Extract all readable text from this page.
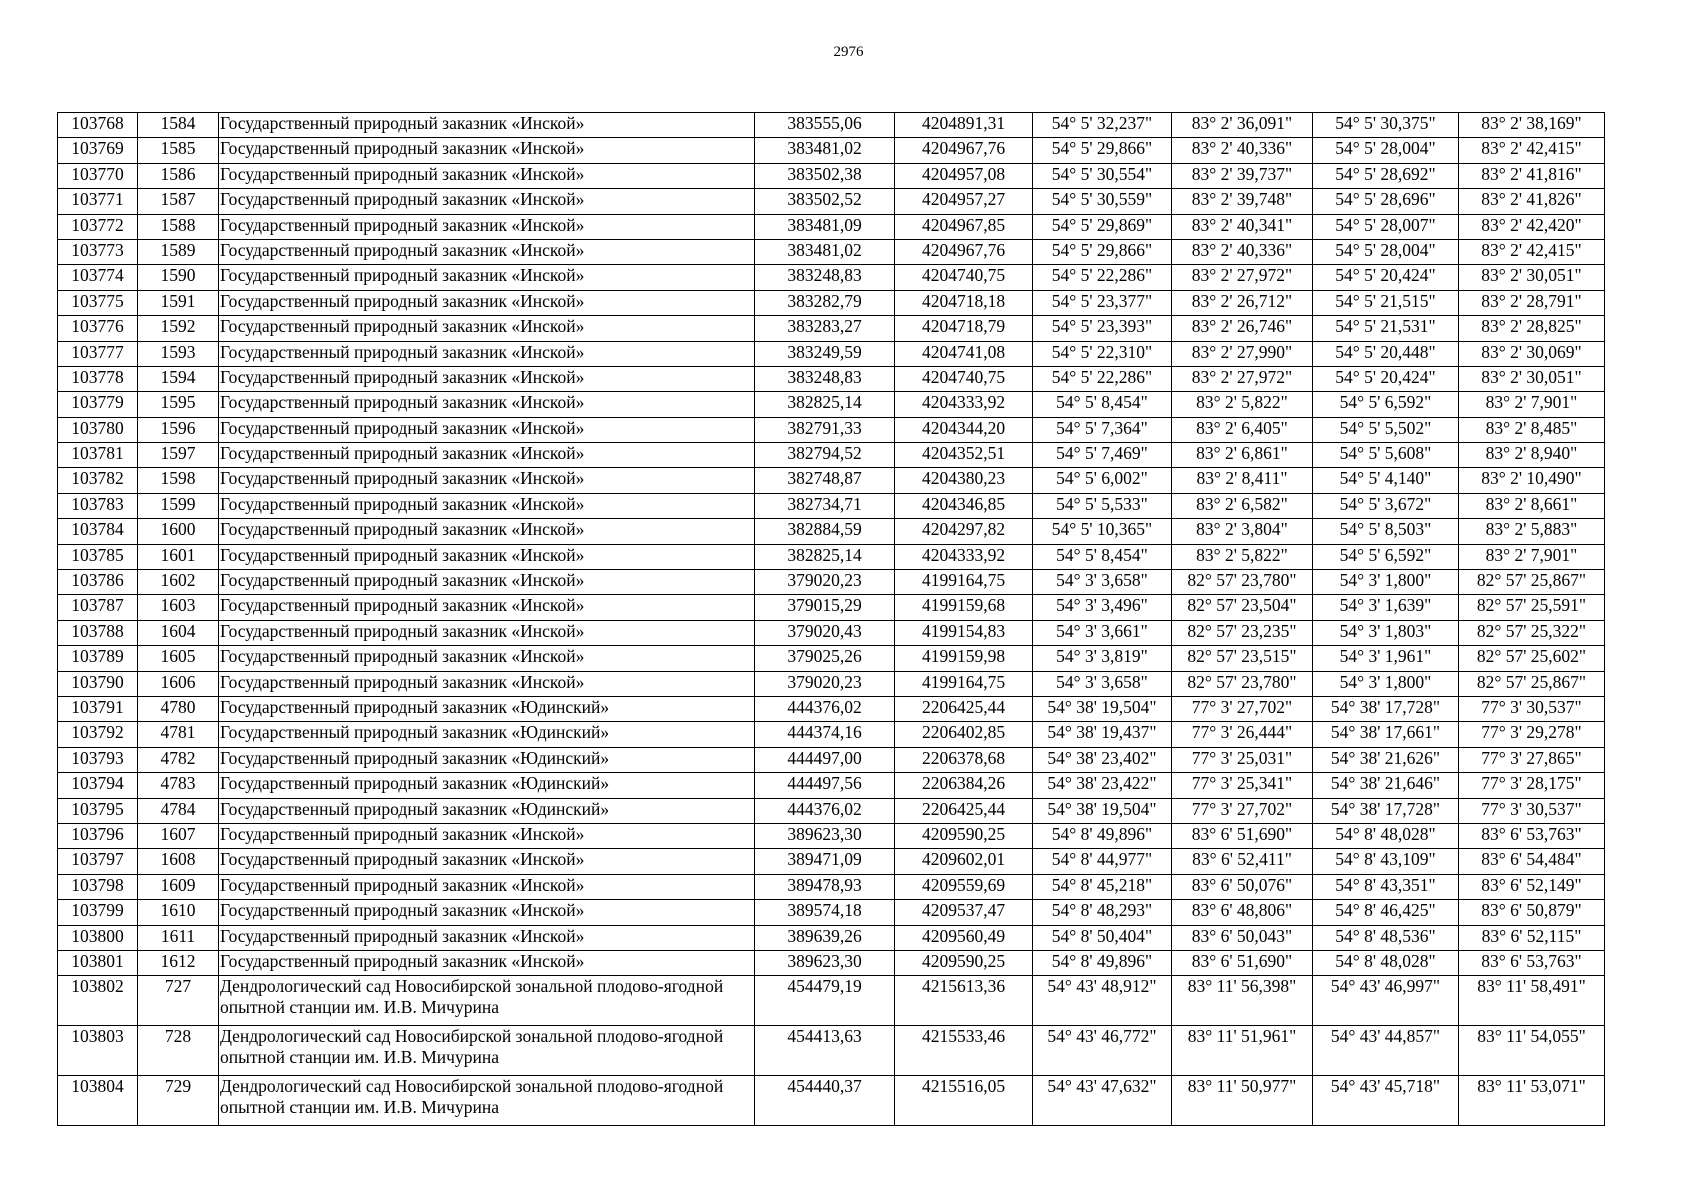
2976
103768	1584	Государственный природный заказник «Инской»	383555,06	4204891,31	54° 5' 32,237"	83° 2' 36,091"	54° 5' 30,375"	83° 2' 38,169"
103769	1585	Государственный природный заказник «Инской»	383481,02	4204967,76	54° 5' 29,866"	83° 2' 40,336"	54° 5' 28,004"	83° 2' 42,415"
103770	1586	Государственный природный заказник «Инской»	383502,38	4204957,08	54° 5' 30,554"	83° 2' 39,737"	54° 5' 28,692"	83° 2' 41,816"
103771	1587	Государственный природный заказник «Инской»	383502,52	4204957,27	54° 5' 30,559"	83° 2' 39,748"	54° 5' 28,696"	83° 2' 41,826"
103772	1588	Государственный природный заказник «Инской»	383481,09	4204967,85	54° 5' 29,869"	83° 2' 40,341"	54° 5' 28,007"	83° 2' 42,420"
103773	1589	Государственный природный заказник «Инской»	383481,02	4204967,76	54° 5' 29,866"	83° 2' 40,336"	54° 5' 28,004"	83° 2' 42,415"
103774	1590	Государственный природный заказник «Инской»	383248,83	4204740,75	54° 5' 22,286"	83° 2' 27,972"	54° 5' 20,424"	83° 2' 30,051"
103775	1591	Государственный природный заказник «Инской»	383282,79	4204718,18	54° 5' 23,377"	83° 2' 26,712"	54° 5' 21,515"	83° 2' 28,791"
103776	1592	Государственный природный заказник «Инской»	383283,27	4204718,79	54° 5' 23,393"	83° 2' 26,746"	54° 5' 21,531"	83° 2' 28,825"
103777	1593	Государственный природный заказник «Инской»	383249,59	4204741,08	54° 5' 22,310"	83° 2' 27,990"	54° 5' 20,448"	83° 2' 30,069"
103778	1594	Государственный природный заказник «Инской»	383248,83	4204740,75	54° 5' 22,286"	83° 2' 27,972"	54° 5' 20,424"	83° 2' 30,051"
103779	1595	Государственный природный заказник «Инской»	382825,14	4204333,92	54° 5' 8,454"	83° 2' 5,822"	54° 5' 6,592"	83° 2' 7,901"
103780	1596	Государственный природный заказник «Инской»	382791,33	4204344,20	54° 5' 7,364"	83° 2' 6,405"	54° 5' 5,502"	83° 2' 8,485"
103781	1597	Государственный природный заказник «Инской»	382794,52	4204352,51	54° 5' 7,469"	83° 2' 6,861"	54° 5' 5,608"	83° 2' 8,940"
103782	1598	Государственный природный заказник «Инской»	382748,87	4204380,23	54° 5' 6,002"	83° 2' 8,411"	54° 5' 4,140"	83° 2' 10,490"
103783	1599	Государственный природный заказник «Инской»	382734,71	4204346,85	54° 5' 5,533"	83° 2' 6,582"	54° 5' 3,672"	83° 2' 8,661"
103784	1600	Государственный природный заказник «Инской»	382884,59	4204297,82	54° 5' 10,365"	83° 2' 3,804"	54° 5' 8,503"	83° 2' 5,883"
103785	1601	Государственный природный заказник «Инской»	382825,14	4204333,92	54° 5' 8,454"	83° 2' 5,822"	54° 5' 6,592"	83° 2' 7,901"
103786	1602	Государственный природный заказник «Инской»	379020,23	4199164,75	54° 3' 3,658"	82° 57' 23,780"	54° 3' 1,800"	82° 57' 25,867"
103787	1603	Государственный природный заказник «Инской»	379015,29	4199159,68	54° 3' 3,496"	82° 57' 23,504"	54° 3' 1,639"	82° 57' 25,591"
103788	1604	Государственный природный заказник «Инской»	379020,43	4199154,83	54° 3' 3,661"	82° 57' 23,235"	54° 3' 1,803"	82° 57' 25,322"
103789	1605	Государственный природный заказник «Инской»	379025,26	4199159,98	54° 3' 3,819"	82° 57' 23,515"	54° 3' 1,961"	82° 57' 25,602"
103790	1606	Государственный природный заказник «Инской»	379020,23	4199164,75	54° 3' 3,658"	82° 57' 23,780"	54° 3' 1,800"	82° 57' 25,867"
103791	4780	Государственный природный заказник «Юдинский»	444376,02	2206425,44	54° 38' 19,504"	77° 3' 27,702"	54° 38' 17,728"	77° 3' 30,537"
103792	4781	Государственный природный заказник «Юдинский»	444374,16	2206402,85	54° 38' 19,437"	77° 3' 26,444"	54° 38' 17,661"	77° 3' 29,278"
103793	4782	Государственный природный заказник «Юдинский»	444497,00	2206378,68	54° 38' 23,402"	77° 3' 25,031"	54° 38' 21,626"	77° 3' 27,865"
103794	4783	Государственный природный заказник «Юдинский»	444497,56	2206384,26	54° 38' 23,422"	77° 3' 25,341"	54° 38' 21,646"	77° 3' 28,175"
103795	4784	Государственный природный заказник «Юдинский»	444376,02	2206425,44	54° 38' 19,504"	77° 3' 27,702"	54° 38' 17,728"	77° 3' 30,537"
103796	1607	Государственный природный заказник «Инской»	389623,30	4209590,25	54° 8' 49,896"	83° 6' 51,690"	54° 8' 48,028"	83° 6' 53,763"
103797	1608	Государственный природный заказник «Инской»	389471,09	4209602,01	54° 8' 44,977"	83° 6' 52,411"	54° 8' 43,109"	83° 6' 54,484"
103798	1609	Государственный природный заказник «Инской»	389478,93	4209559,69	54° 8' 45,218"	83° 6' 50,076"	54° 8' 43,351"	83° 6' 52,149"
103799	1610	Государственный природный заказник «Инской»	389574,18	4209537,47	54° 8' 48,293"	83° 6' 48,806"	54° 8' 46,425"	83° 6' 50,879"
103800	1611	Государственный природный заказник «Инской»	389639,26	4209560,49	54° 8' 50,404"	83° 6' 50,043"	54° 8' 48,536"	83° 6' 52,115"
103801	1612	Государственный природный заказник «Инской»	389623,30	4209590,25	54° 8' 49,896"	83° 6' 51,690"	54° 8' 48,028"	83° 6' 53,763"
103802	727	Дендрологический сад Новосибирской зональной плодово-ягодной опытной станции им. И.В. Мичурина	454479,19	4215613,36	54° 43' 48,912"	83° 11' 56,398"	54° 43' 46,997"	83° 11' 58,491"
103803	728	Дендрологический сад Новосибирской зональной плодово-ягодной опытной станции им. И.В. Мичурина	454413,63	4215533,46	54° 43' 46,772"	83° 11' 51,961"	54° 43' 44,857"	83° 11' 54,055"
103804	729	Дендрологический сад Новосибирской зональной плодово-ягодной опытной станции им. И.В. Мичурина	454440,37	4215516,05	54° 43' 47,632"	83° 11' 50,977"	54° 43' 45,718"	83° 11' 53,071"
